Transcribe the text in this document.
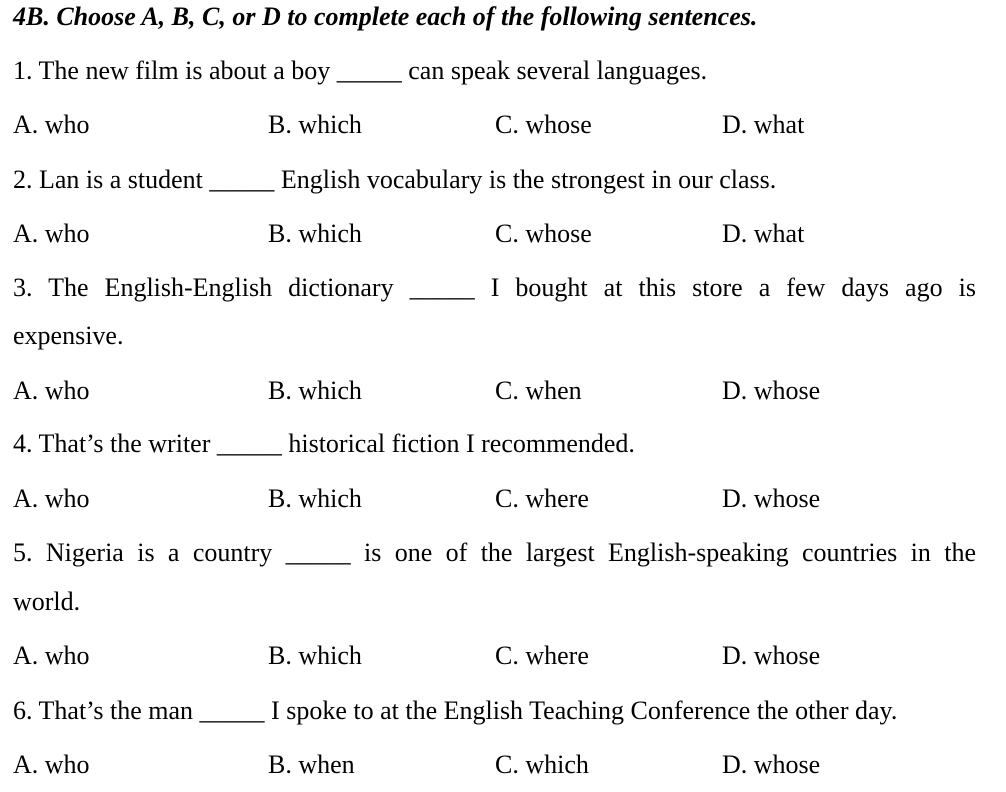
4B. Choose A, B, C, or D to complete each of the following sentences.
1. The new film is about a boy _____ can speak several languages.
A. who	B. which	C. whose	D. what
2. Lan is a student _____ English vocabulary is the strongest in our class.
A. who	B. which	C. whose	D. what
3. The English-English dictionary _____ I bought at this store a few days ago is
expensive.
A. who	B. which	C. when	D. whose
4. That’s the writer _____ historical fiction I recommended.
A. who	B. which	C. where	D. whose
5. Nigeria is a country _____ is one of the largest English-speaking countries in the
world.
A. who	B. which	C. where	D. whose
6. That’s the man _____ I spoke to at the English Teaching Conference the other day.
A. who	B. when	C. which	D. whose
